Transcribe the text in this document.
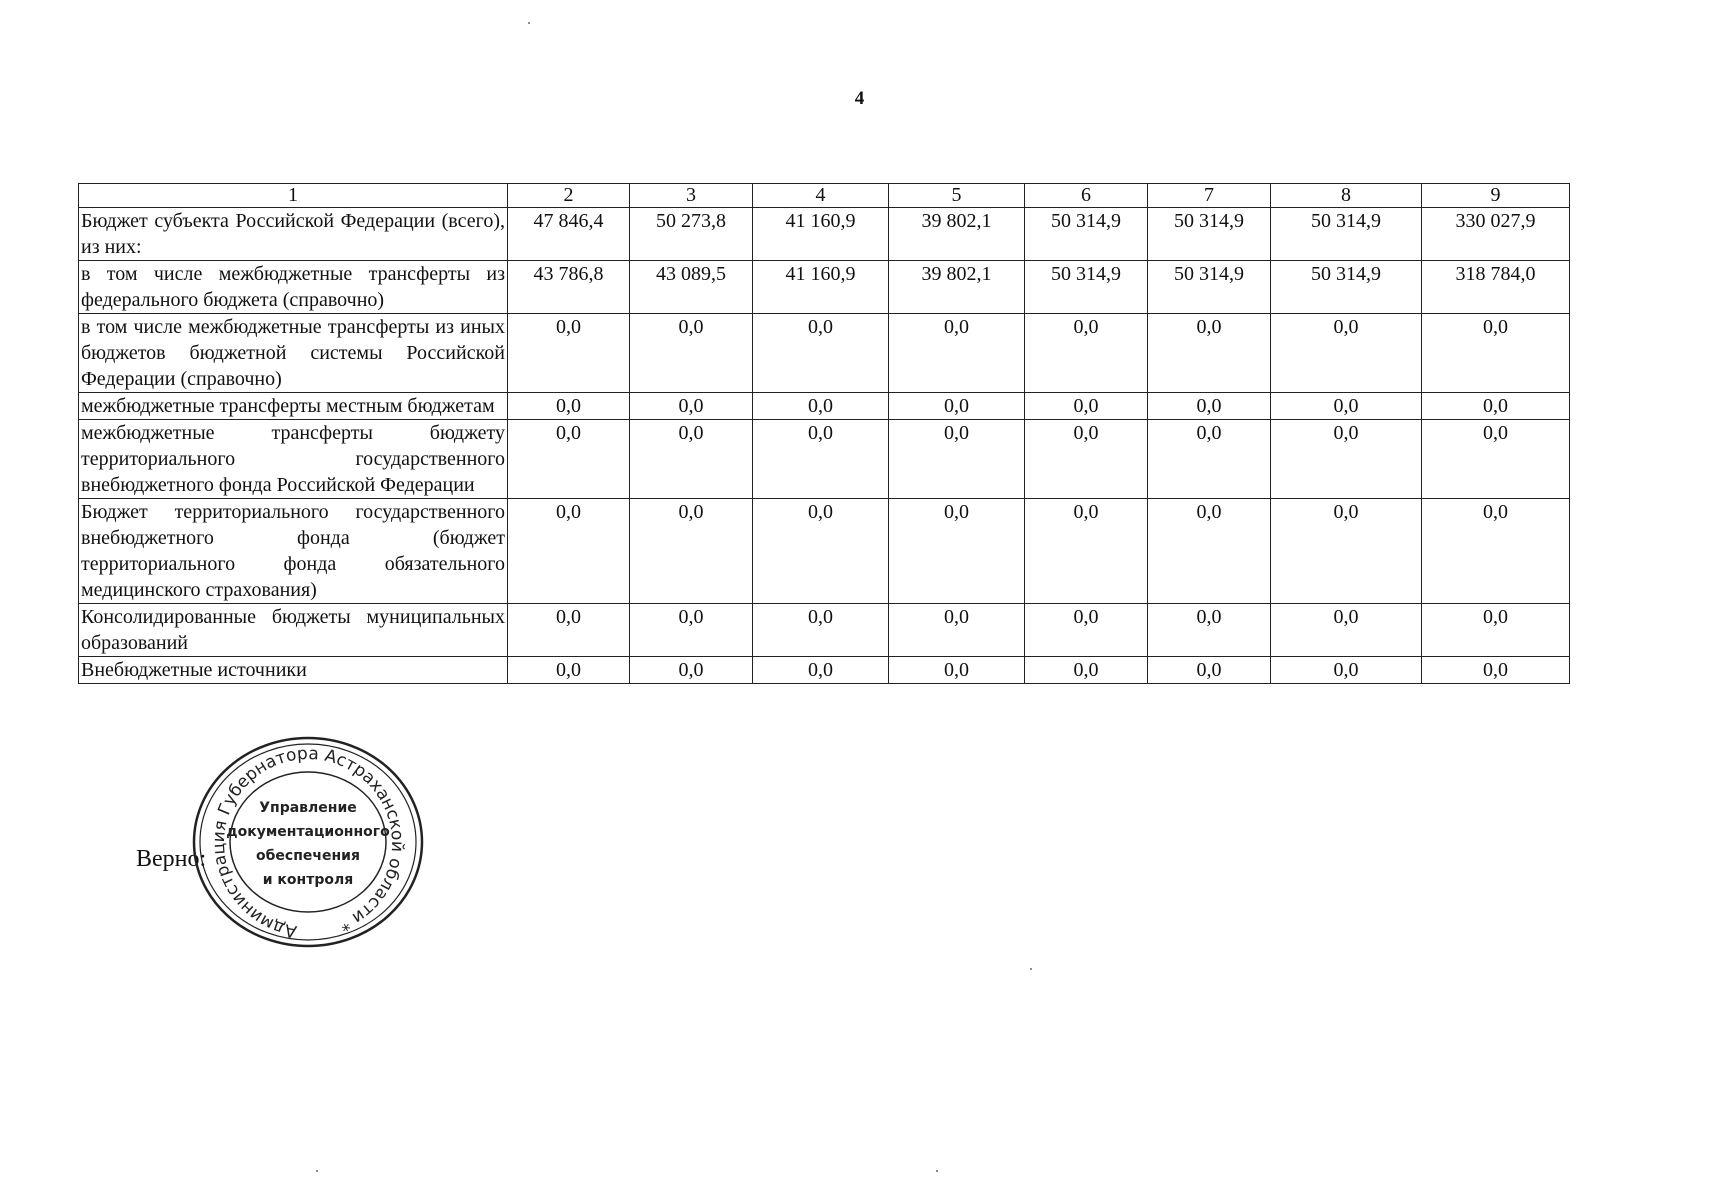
4
1	2	3	4	5	6	7	8	9
Бюджет субъекта Российской Федерации (всего), из них:	47 846,4	50 273,8	41 160,9	39 802,1	50 314,9	50 314,9	50 314,9	330 027,9
в том числе межбюджетные трансферты из федерального бюджета (справочно)	43 786,8	43 089,5	41 160,9	39 802,1	50 314,9	50 314,9	50 314,9	318 784,0
в том числе межбюджетные трансферты из иных бюджетов бюджетной системы Российской Федерации (справочно)	0,0	0,0	0,0	0,0	0,0	0,0	0,0	0,0
межбюджетные трансферты местным бюджетам	0,0	0,0	0,0	0,0	0,0	0,0	0,0	0,0
межбюджетные трансферты бюджету территориального государственного внебюджетного фонда Российской Федерации	0,0	0,0	0,0	0,0	0,0	0,0	0,0	0,0
Бюджет территориального государственного внебюджетного фонда (бюджет территориального фонда обязательного медицинского страхования)	0,0	0,0	0,0	0,0	0,0	0,0	0,0	0,0
Консолидированные бюджеты муниципальных образований	0,0	0,0	0,0	0,0	0,0	0,0	0,0	0,0
Внебюджетные источники	0,0	0,0	0,0	0,0	0,0	0,0	0,0	0,0
Верно:
Администрация Губернатора Астраханской области *
Управление
документационного
обеспечения
и контроля
